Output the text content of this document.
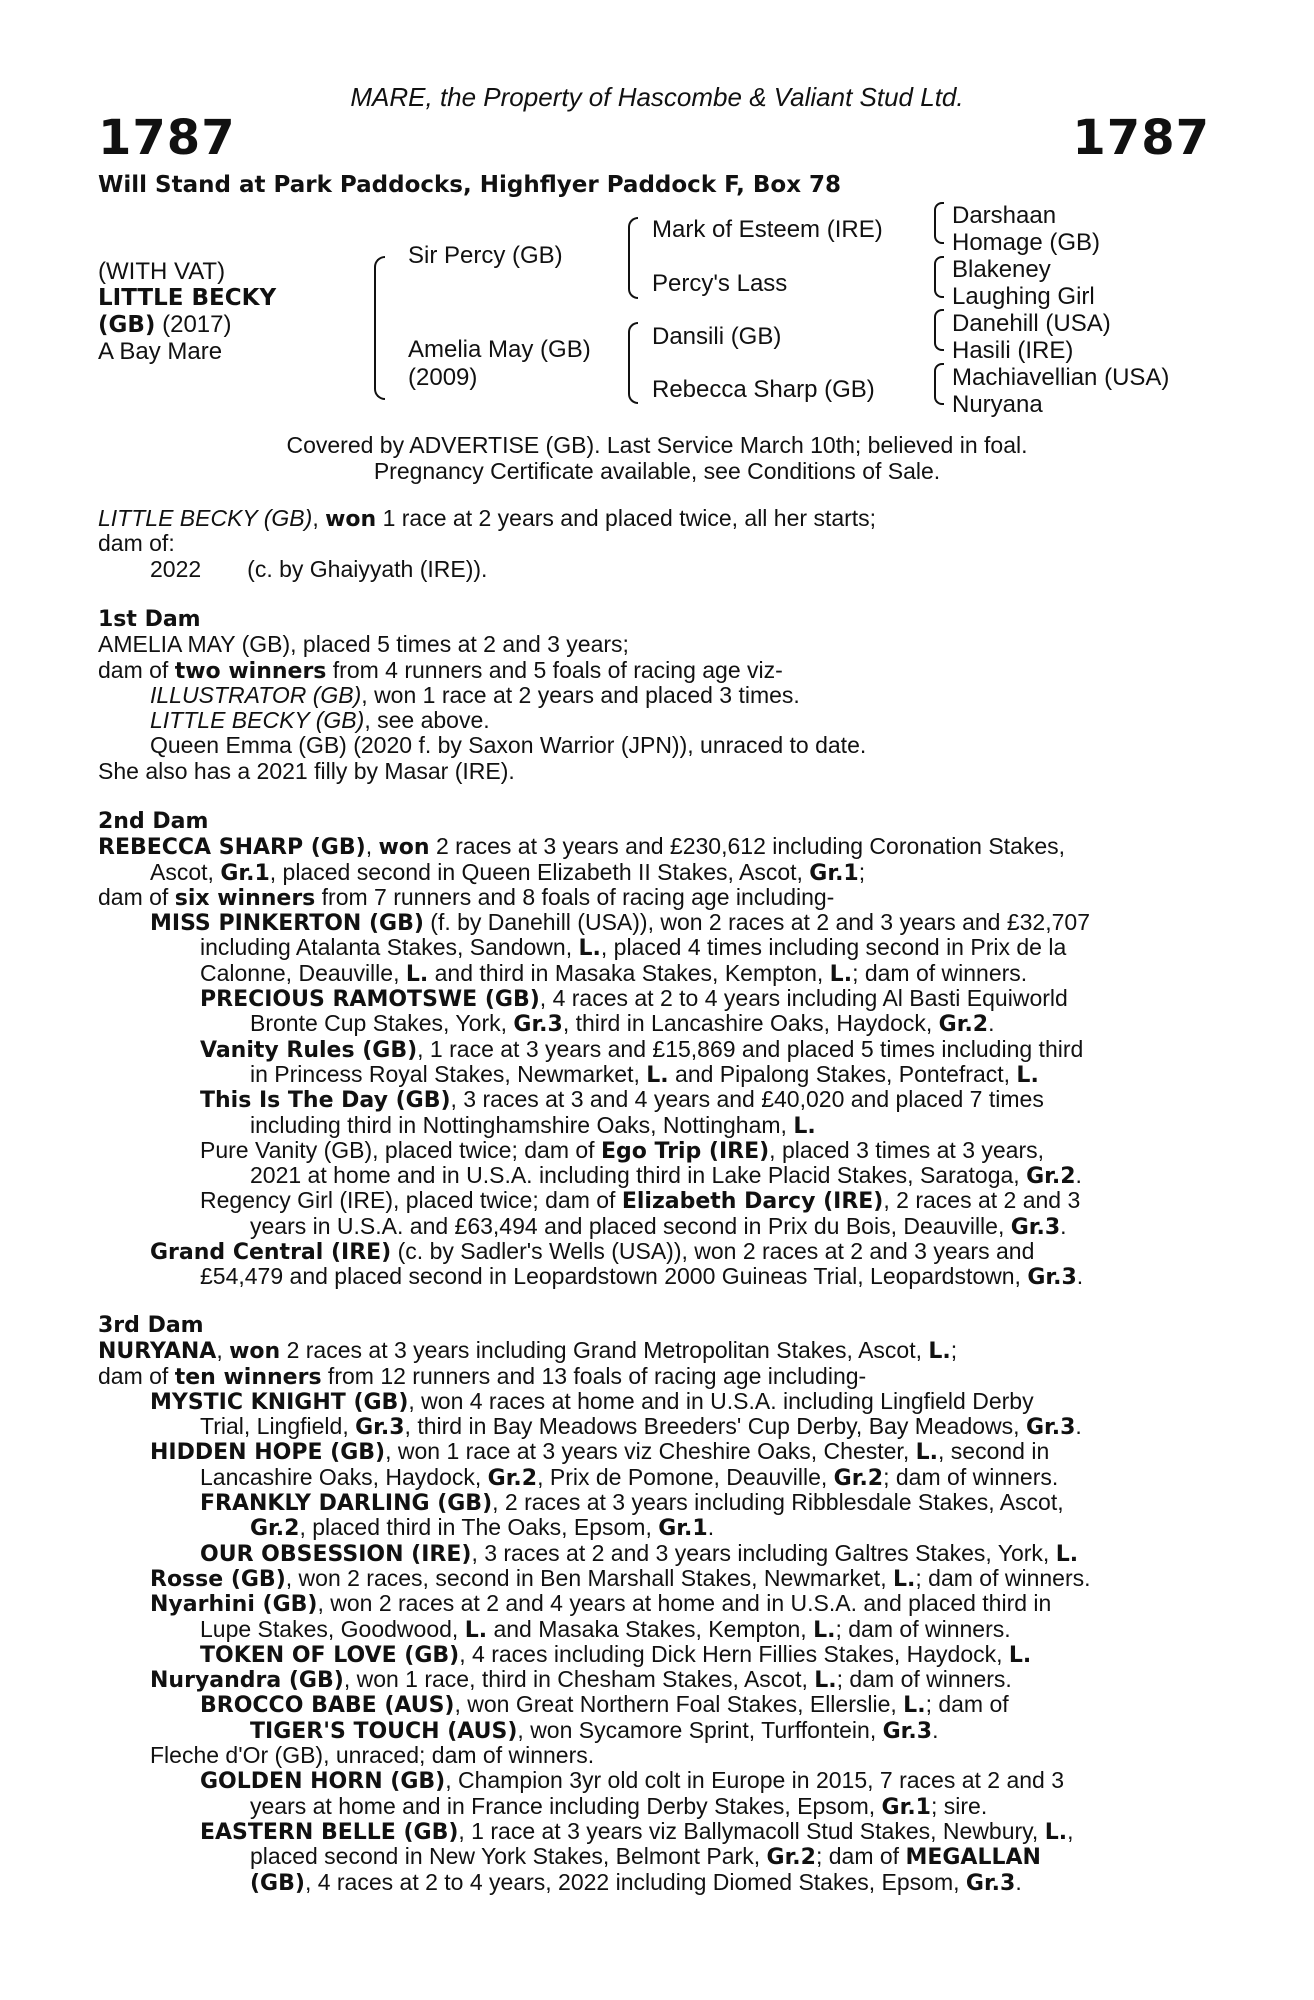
MARE, the Property of Hascombe & Valiant Stud Ltd.
1787	1787
Will Stand at Park Paddocks, Highflyer Paddock F, Box 78
(WITH VAT)
LITTLE BECKY
(GB) (2017)
A Bay Mare
Sir Percy (GB)
Amelia May (GB)
(2009)
Mark of Esteem (IRE)
Percy's Lass
Dansili (GB)
Rebecca Sharp (GB)
Darshaan
Homage (GB)
Blakeney
Laughing Girl
Danehill (USA)
Hasili (IRE)
Machiavellian (USA)
Nuryana
Covered by ADVERTISE (GB). Last Service March 10th; believed in foal.
Pregnancy Certificate available, see Conditions of Sale.
LITTLE BECKY (GB), won 1 race at 2 years and placed twice, all her starts;
dam of:
2022 (c. by Ghaiyyath (IRE)).
1st Dam
AMELIA MAY (GB), placed 5 times at 2 and 3 years;
dam of two winners from 4 runners and 5 foals of racing age viz-
ILLUSTRATOR (GB), won 1 race at 2 years and placed 3 times.
LITTLE BECKY (GB), see above.
Queen Emma (GB) (2020 f. by Saxon Warrior (JPN)), unraced to date.
She also has a 2021 filly by Masar (IRE).
2nd Dam
REBECCA SHARP (GB), won 2 races at 3 years and £230,612 including Coronation Stakes,
Ascot, Gr.1, placed second in Queen Elizabeth II Stakes, Ascot, Gr.1;
dam of six winners from 7 runners and 8 foals of racing age including-
MISS PINKERTON (GB) (f. by Danehill (USA)), won 2 races at 2 and 3 years and £32,707
including Atalanta Stakes, Sandown, L., placed 4 times including second in Prix de la
Calonne, Deauville, L. and third in Masaka Stakes, Kempton, L.; dam of winners.
PRECIOUS RAMOTSWE (GB), 4 races at 2 to 4 years including Al Basti Equiworld
Bronte Cup Stakes, York, Gr.3, third in Lancashire Oaks, Haydock, Gr.2.
Vanity Rules (GB), 1 race at 3 years and £15,869 and placed 5 times including third
in Princess Royal Stakes, Newmarket, L. and Pipalong Stakes, Pontefract, L.
This Is The Day (GB), 3 races at 3 and 4 years and £40,020 and placed 7 times
including third in Nottinghamshire Oaks, Nottingham, L.
Pure Vanity (GB), placed twice; dam of Ego Trip (IRE), placed 3 times at 3 years,
2021 at home and in U.S.A. including third in Lake Placid Stakes, Saratoga, Gr.2.
Regency Girl (IRE), placed twice; dam of Elizabeth Darcy (IRE), 2 races at 2 and 3
years in U.S.A. and £63,494 and placed second in Prix du Bois, Deauville, Gr.3.
Grand Central (IRE) (c. by Sadler's Wells (USA)), won 2 races at 2 and 3 years and
£54,479 and placed second in Leopardstown 2000 Guineas Trial, Leopardstown, Gr.3.
3rd Dam
NURYANA, won 2 races at 3 years including Grand Metropolitan Stakes, Ascot, L.;
dam of ten winners from 12 runners and 13 foals of racing age including-
MYSTIC KNIGHT (GB), won 4 races at home and in U.S.A. including Lingfield Derby
Trial, Lingfield, Gr.3, third in Bay Meadows Breeders' Cup Derby, Bay Meadows, Gr.3.
HIDDEN HOPE (GB), won 1 race at 3 years viz Cheshire Oaks, Chester, L., second in
Lancashire Oaks, Haydock, Gr.2, Prix de Pomone, Deauville, Gr.2; dam of winners.
FRANKLY DARLING (GB), 2 races at 3 years including Ribblesdale Stakes, Ascot,
Gr.2, placed third in The Oaks, Epsom, Gr.1.
OUR OBSESSION (IRE), 3 races at 2 and 3 years including Galtres Stakes, York, L.
Rosse (GB), won 2 races, second in Ben Marshall Stakes, Newmarket, L.; dam of winners.
Nyarhini (GB), won 2 races at 2 and 4 years at home and in U.S.A. and placed third in
Lupe Stakes, Goodwood, L. and Masaka Stakes, Kempton, L.; dam of winners.
TOKEN OF LOVE (GB), 4 races including Dick Hern Fillies Stakes, Haydock, L.
Nuryandra (GB), won 1 race, third in Chesham Stakes, Ascot, L.; dam of winners.
BROCCO BABE (AUS), won Great Northern Foal Stakes, Ellerslie, L.; dam of
TIGER'S TOUCH (AUS), won Sycamore Sprint, Turffontein, Gr.3.
Fleche d'Or (GB), unraced; dam of winners.
GOLDEN HORN (GB), Champion 3yr old colt in Europe in 2015, 7 races at 2 and 3
years at home and in France including Derby Stakes, Epsom, Gr.1; sire.
EASTERN BELLE (GB), 1 race at 3 years viz Ballymacoll Stud Stakes, Newbury, L.,
placed second in New York Stakes, Belmont Park, Gr.2; dam of MEGALLAN
(GB), 4 races at 2 to 4 years, 2022 including Diomed Stakes, Epsom, Gr.3.
